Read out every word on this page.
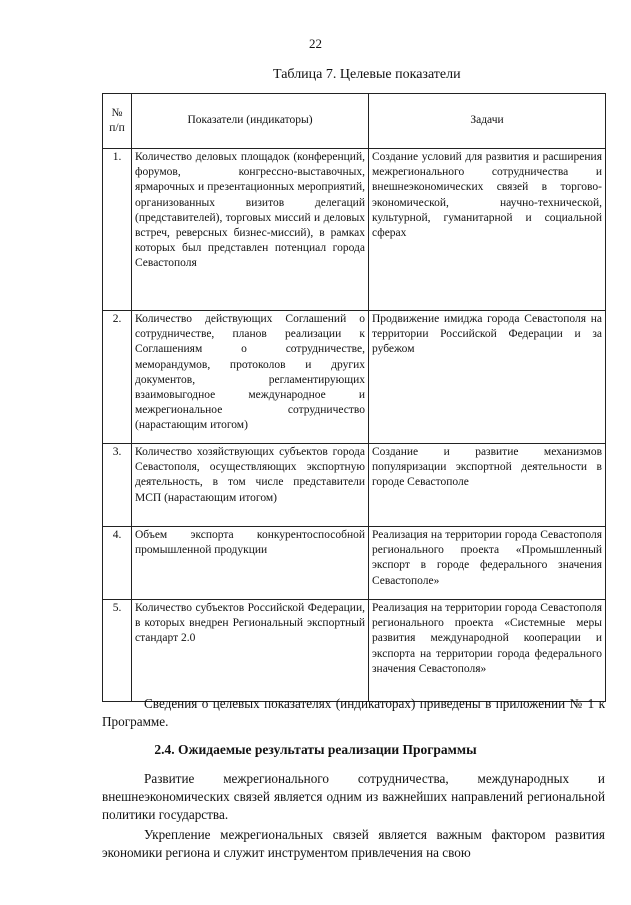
22
Таблица 7. Целевые показатели
№
п/п	Показатели (индикаторы)	Задачи
1.	Количество деловых площадок (конференций, форумов, конгрессно-выставочных, ярмарочных и презентационных мероприятий, организованных визитов делегаций (представителей), торговых миссий и деловых встреч, реверсных бизнес-миссий), в рамках которых был представлен потенциал города Севастополя	Создание условий для развития и расширения межрегионального сотрудничества и внешнеэкономических связей в торгово-экономической, научно-технической, культурной, гуманитарной и социальной сферах
2.	Количество действующих Соглашений о сотрудничестве, планов реализации к Соглашениям о сотрудничестве, меморандумов, протоколов и других документов, регламентирующих взаимовыгодное международное и межрегиональное сотрудничество (нарастающим итогом)	Продвижение имиджа города Севастополя на территории Российской Федерации и за рубежом
3.	Количество хозяйствующих субъектов города Севастополя, осуществляющих экспортную деятельность, в том числе представители МСП (нарастающим итогом)	Создание и развитие механизмов популяризации экспортной деятельности в городе Севастополе
4.	Объем экспорта конкурентоспособной промышленной продукции	Реализация на территории города Севастополя регионального проекта «Промышленный экспорт в городе федерального значения Севастополе»
5.	Количество субъектов Российской Федерации, в которых внедрен Региональный экспортный стандарт 2.0	Реализация на территории города Севастополя регионального проекта «Системные меры развития международной кооперации и экспорта на территории города федерального значения Севастополя»
Сведения о целевых показателях (индикаторах) приведены в приложении № 1 к Программе.
2.4. Ожидаемые результаты реализации Программы
Развитие межрегионального сотрудничества, международных и внешнеэкономических связей является одним из важнейших направлений региональной политики государства.
Укрепление межрегиональных связей является важным фактором развития экономики региона и служит инструментом привлечения на свою
